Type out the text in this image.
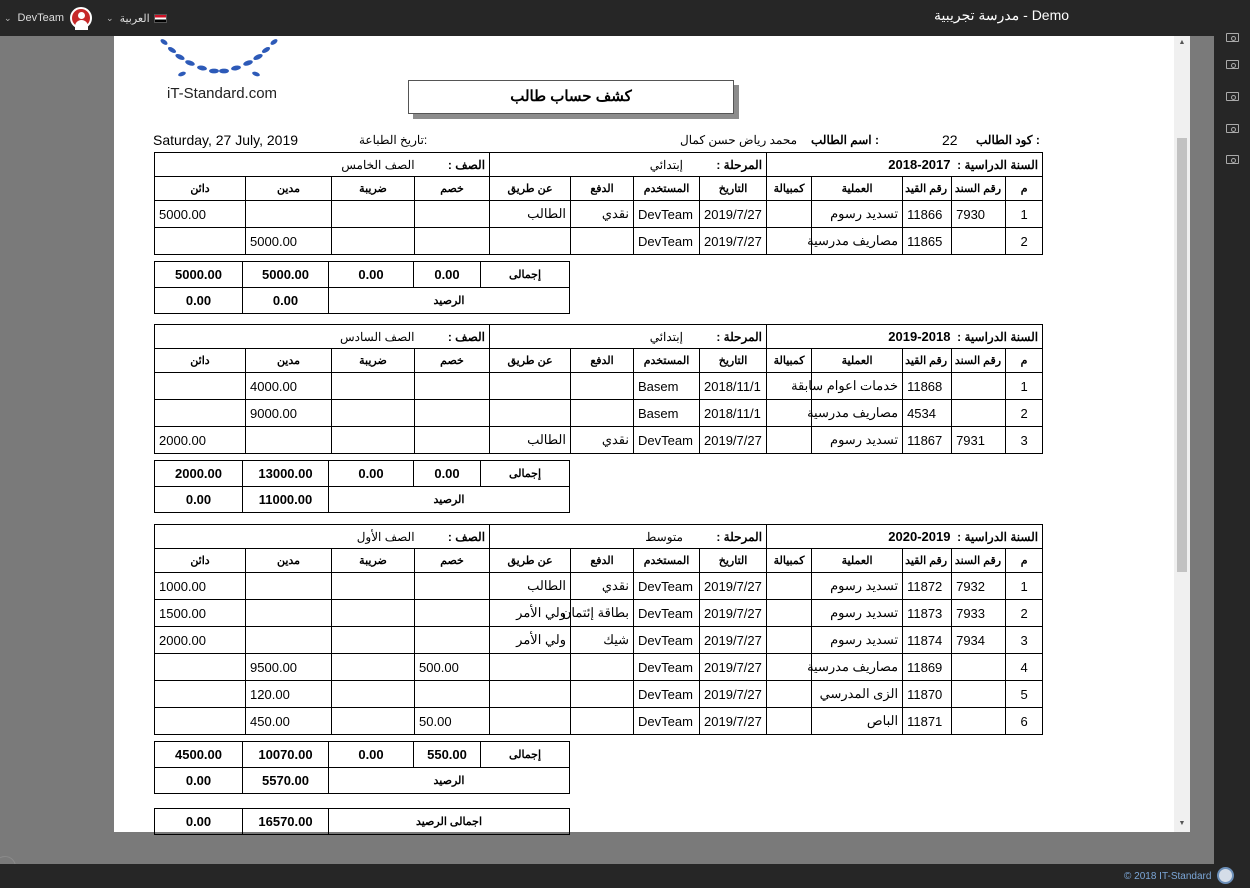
⌄ DevTeam	⌄ العربية	مدرسة تجريبية - Demo
iT-Standard.com	كشف حساب طالب
Saturday, 27 July, 2019	تاريخ الطباعة:	محمد رياض حسن كمال اسم الطالب :	22 كود الطالب :
السنة الدراسية :  2017-2018					المرحلة :          إبتدائي				الصف :          الصف الخامس			
م	رقم السند	رقم القيد	العملية	كمبيالة	التاريخ	المستخدم	الدفع	عن طريق	خصم	ضريبة	مدين	دائن
1	7930	11866	تسديد رسوم		2019/7/27	DevTeam	نقدي	الطالب				5000.00
2		11865	مصاريف مدرسية		2019/7/27	DevTeam					5000.00	
إجمالى	0.00	0.00	5000.00	5000.00
الرصيد			0.00	0.00
السنة الدراسية :  2018-2019					المرحلة :          إبتدائي				الصف :          الصف السادس			
م	رقم السند	رقم القيد	العملية	كمبيالة	التاريخ	المستخدم	الدفع	عن طريق	خصم	ضريبة	مدين	دائن
1		11868	خدمات اعوام سابقة		2018/11/1	Basem					4000.00	
2		4534	مصاريف مدرسية		2018/11/1	Basem					9000.00	
3	7931	11867	تسديد رسوم		2019/7/27	DevTeam	نقدي	الطالب				2000.00
إجمالى	0.00	0.00	13000.00	2000.00
الرصيد			11000.00	0.00
السنة الدراسية :  2019-2020					المرحلة :          متوسط				الصف :          الصف الأول			
م	رقم السند	رقم القيد	العملية	كمبيالة	التاريخ	المستخدم	الدفع	عن طريق	خصم	ضريبة	مدين	دائن
1	7932	11872	تسديد رسوم		2019/7/27	DevTeam	نقدي	الطالب				1000.00
2	7933	11873	تسديد رسوم		2019/7/27	DevTeam	بطاقة إئتمان	ولي الأمر				1500.00
3	7934	11874	تسديد رسوم		2019/7/27	DevTeam	شيك	ولي الأمر				2000.00
4		11869	مصاريف مدرسية		2019/7/27	DevTeam			500.00		9500.00	
5		11870	الزى المدرسي		2019/7/27	DevTeam					120.00	
6		11871	الباص		2019/7/27	DevTeam			50.00		450.00	
إجمالى	550.00	0.00	10070.00	4500.00
الرصيد			5570.00	0.00
اجمالى الرصيد	16570.00	0.00
▲
▼
© 2018 IT-Standard
